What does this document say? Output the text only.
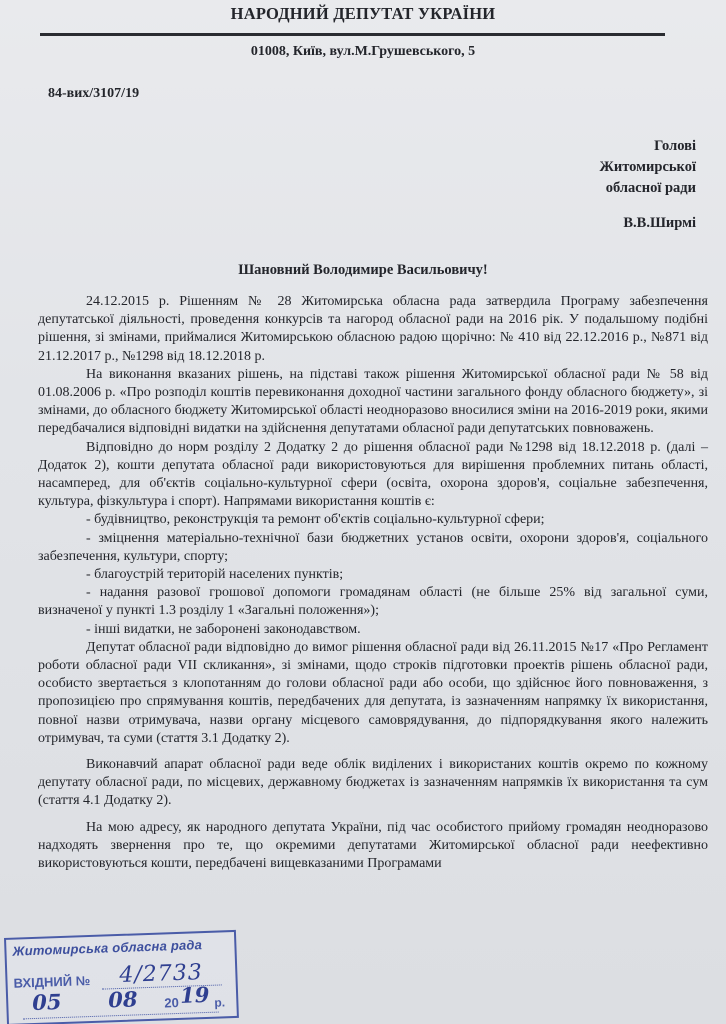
НАРОДНИЙ ДЕПУТАТ УКРАЇНИ
01008, Київ, вул.М.Грушевського, 5
84-вих/3107/19
Голові
Житомирської
обласної ради
В.В.Ширмі
Шановний Володимире Васильовичу!

24.12.2015 р. Рішенням № 28 Житомирська обласна рада затвердила Програму забезпечення депутатської діяльності, проведення конкурсів та нагород обласної ради на 2016 рік. У подальшому подібні рішення, зі змінами, приймалися Житомирською обласною радою щорічно: № 410 від 22.12.2016 р., №871 від 21.12.2017 р., №1298 від 18.12.2018 р.

На виконання вказаних рішень, на підставі також рішення Житомирської обласної ради № 58 від 01.08.2006 р. «Про розподіл коштів перевиконання доходної частини загального фонду обласного бюджету», зі змінами, до обласного бюджету Житомирської області неодноразово вносилися зміни на 2016-2019 роки, якими передбачалися відповідні видатки на здійснення депутатами обласної ради депутатських повноважень.

Відповідно до норм розділу 2 Додатку 2 до рішення обласної ради №1298 від 18.12.2018 р. (далі – Додаток 2), кошти депутата обласної ради використовуються для вирішення проблемних питань області, насамперед, для об'єктів соціально-культурної сфери (освіта, охорона здоров'я, соціальне забезпечення, культура, фізкультура і спорт). Напрямами використання коштів є:

- будівництво, реконструкція та ремонт об'єктів соціально-культурної сфери;

- зміцнення матеріально-технічної бази бюджетних установ освіти, охорони здоров'я, соціального забезпечення, культури, спорту;

- благоустрій територій населених пунктів;

- надання разової грошової допомоги громадянам області (не більше 25% від загальної суми, визначеної у пункті 1.3 розділу 1 «Загальні положення»);

- інші видатки, не заборонені законодавством.

Депутат обласної ради відповідно до вимог рішення обласної ради від 26.11.2015 №17 «Про Регламент роботи обласної ради VII скликання», зі змінами, щодо строків підготовки проектів рішень обласної ради, особисто звертається з клопотанням до голови обласної ради або особи, що здійснює його повноваження, з пропозицією про спрямування коштів, передбачених для депутата, із зазначенням напрямку їх використання, повної назви отримувача, назви органу місцевого самоврядування, до підпорядкування якого належить отримувач, та суми (стаття 3.1 Додатку 2).

Виконавчий апарат обласної ради веде облік виділених і використаних коштів окремо по кожному депутату обласної ради, по місцевих, державному бюджетах із зазначенням напрямків їх використання та сум (стаття 4.1 Додатку 2).

На мою адресу, як народного депутата України, під час особистого прийому громадян неодноразово надходять звернення про те, що окремими депутатами Житомирської обласної ради неефективно використовуються кошти, передбачені вищевказаними Програмами

Житомирська обласна рада
ВХІДНИЙ № 4/2733
05 08 20 19 р.
